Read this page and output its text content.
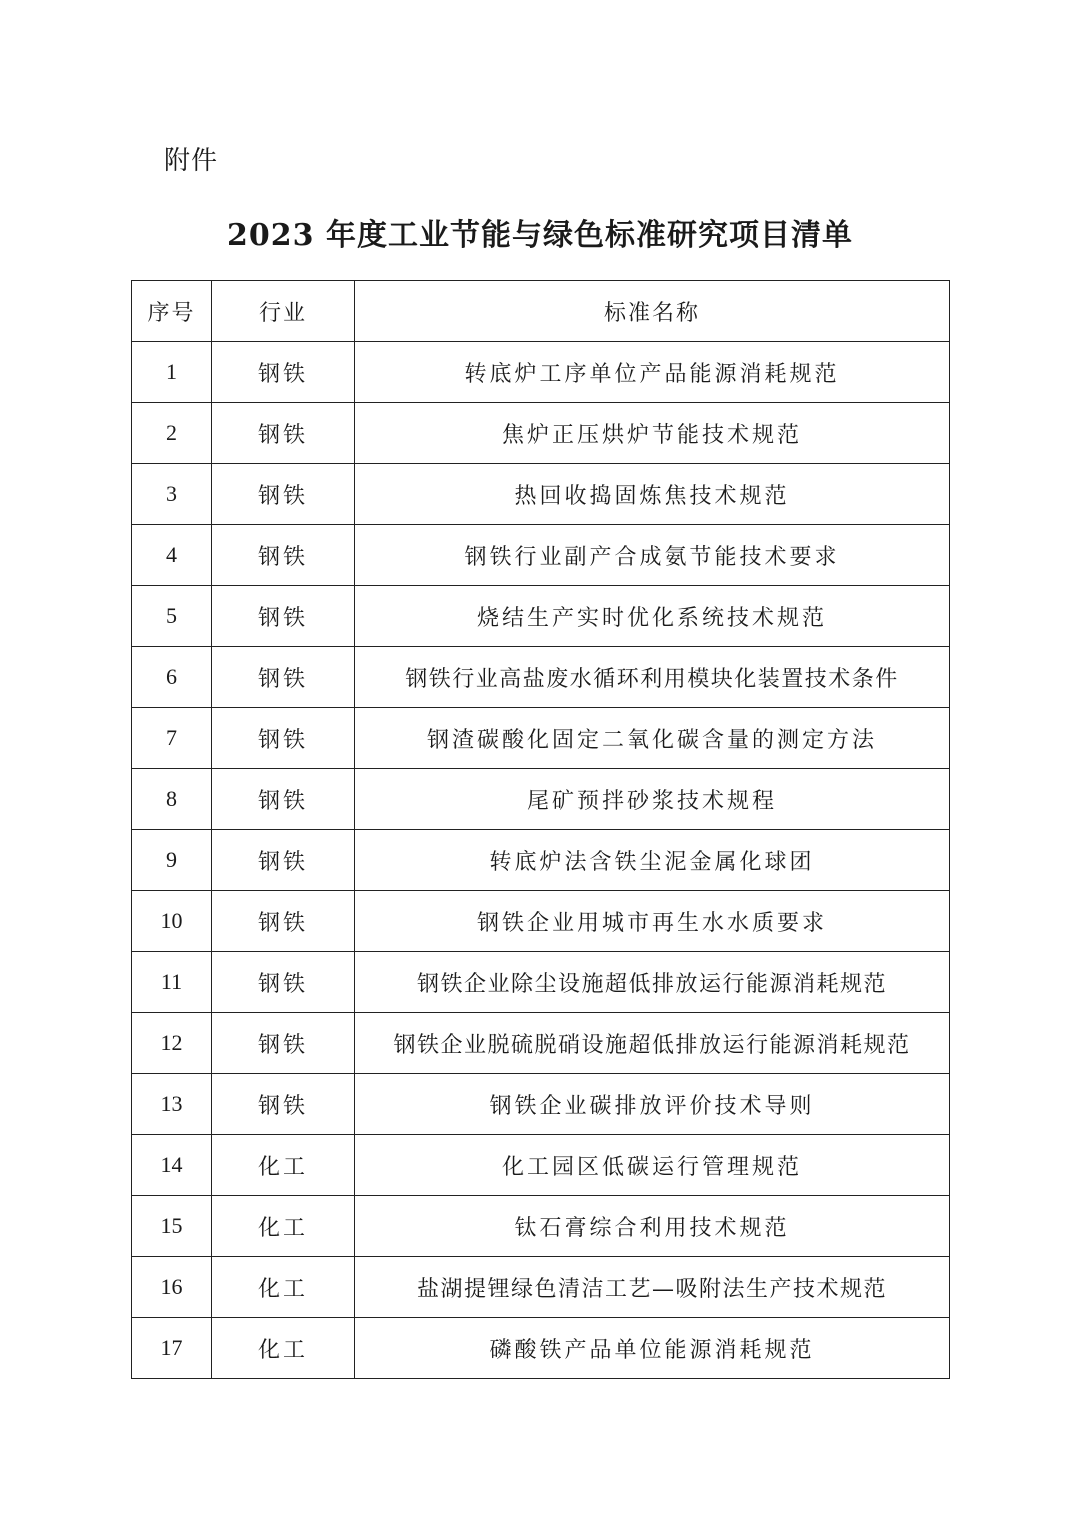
附件
2023 年度工业节能与绿色标准研究项目清单
序号	行业	标准名称
1	钢铁	转底炉工序单位产品能源消耗规范
2	钢铁	焦炉正压烘炉节能技术规范
3	钢铁	热回收捣固炼焦技术规范
4	钢铁	钢铁行业副产合成氨节能技术要求
5	钢铁	烧结生产实时优化系统技术规范
6	钢铁	钢铁行业高盐废水循环利用模块化装置技术条件
7	钢铁	钢渣碳酸化固定二氧化碳含量的测定方法
8	钢铁	尾矿预拌砂浆技术规程
9	钢铁	转底炉法含铁尘泥金属化球团
10	钢铁	钢铁企业用城市再生水水质要求
11	钢铁	钢铁企业除尘设施超低排放运行能源消耗规范
12	钢铁	钢铁企业脱硫脱硝设施超低排放运行能源消耗规范
13	钢铁	钢铁企业碳排放评价技术导则
14	化工	化工园区低碳运行管理规范
15	化工	钛石膏综合利用技术规范
16	化工	盐湖提锂绿色清洁工艺—吸附法生产技术规范
17	化工	磷酸铁产品单位能源消耗规范
